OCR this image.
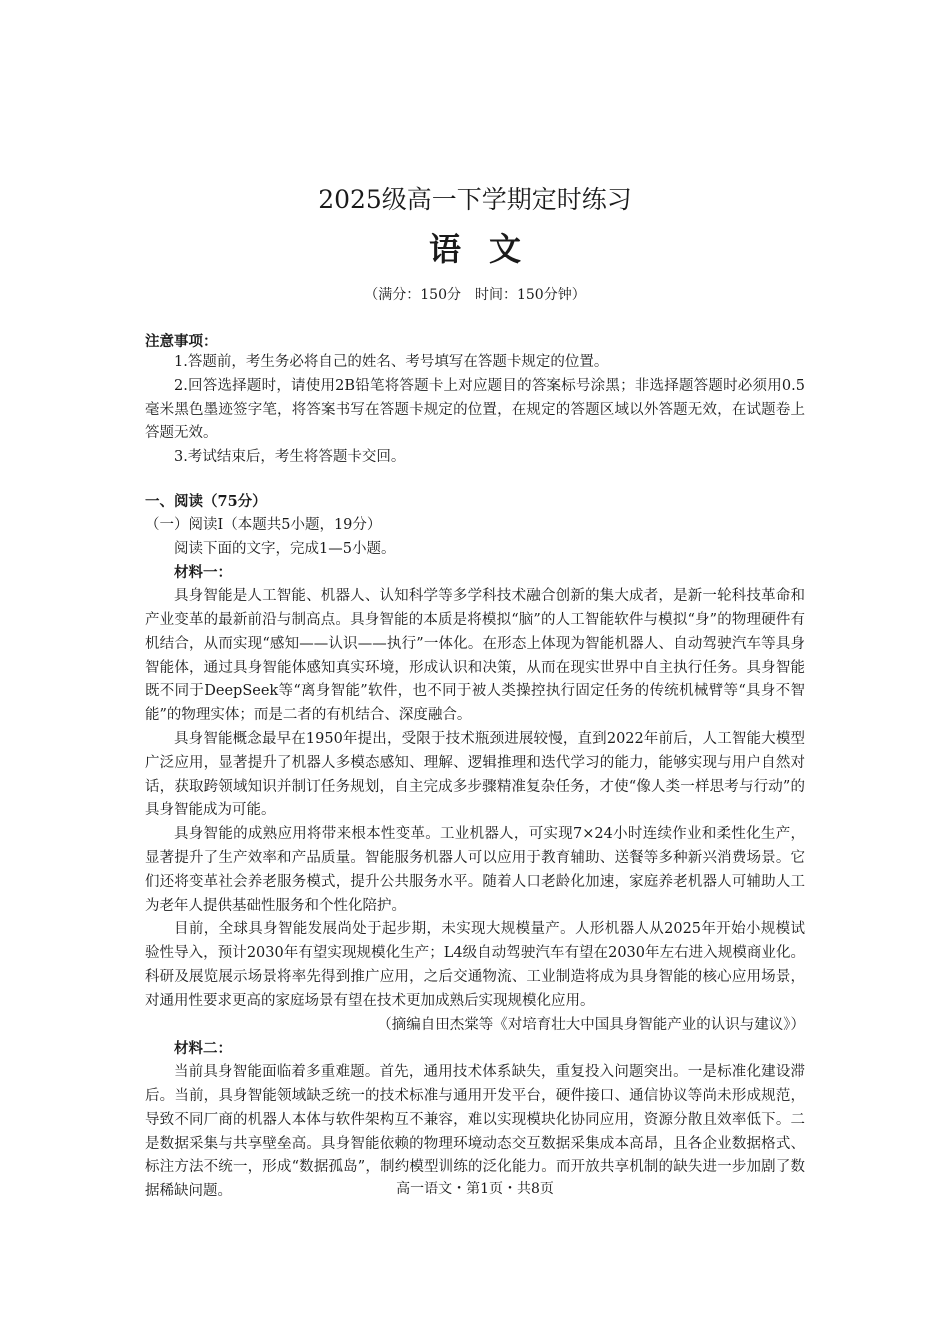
2025级高一下学期定时练习
语文
（满分：150分　时间：150分钟）
注意事项：

1.答题前，考生务必将自己的姓名、考号填写在答题卡规定的位置。

2.回答选择题时，请使用2B铅笔将答题卡上对应题目的答案标号涂黑；非选择题答题时必须用0.5毫米黑色墨迹签字笔，将答案书写在答题卡规定的位置，在规定的答题区域以外答题无效，在试题卷上答题无效。

3.考试结束后，考生将答题卡交回。

一、阅读（75分）

（一）阅读Ⅰ（本题共5小题，19分）

阅读下面的文字，完成1—5小题。

材料一：

具身智能是人工智能、机器人、认知科学等多学科技术融合创新的集大成者，是新一轮科技革命和产业变革的最新前沿与制高点。具身智能的本质是将模拟“脑”的人工智能软件与模拟“身”的物理硬件有机结合，从而实现“感知——认识——执行”一体化。在形态上体现为智能机器人、自动驾驶汽车等具身智能体，通过具身智能体感知真实环境，形成认识和决策，从而在现实世界中自主执行任务。具身智能既不同于DeepSeek等“离身智能”软件，也不同于被人类操控执行固定任务的传统机械臂等“具身不智能”的物理实体；而是二者的有机结合、深度融合。

具身智能概念最早在1950年提出，受限于技术瓶颈进展较慢，直到2022年前后，人工智能大模型广泛应用，显著提升了机器人多模态感知、理解、逻辑推理和迭代学习的能力，能够实现与用户自然对话，获取跨领域知识并制订任务规划，自主完成多步骤精准复杂任务，才使“像人类一样思考与行动”的具身智能成为可能。

具身智能的成熟应用将带来根本性变革。工业机器人，可实现7×24小时连续作业和柔性化生产，显著提升了生产效率和产品质量。智能服务机器人可以应用于教育辅助、送餐等多种新兴消费场景。它们还将变革社会养老服务模式，提升公共服务水平。随着人口老龄化加速，家庭养老机器人可辅助人工为老年人提供基础性服务和个性化陪护。

目前，全球具身智能发展尚处于起步期，未实现大规模量产。人形机器人从2025年开始小规模试验性导入，预计2030年有望实现规模化生产；L4级自动驾驶汽车有望在2030年左右进入规模商业化。科研及展览展示场景将率先得到推广应用，之后交通物流、工业制造将成为具身智能的核心应用场景，对通用性要求更高的家庭场景有望在技术更加成熟后实现规模化应用。

（摘编自田杰棠等《对培育壮大中国具身智能产业的认识与建议》）

材料二：

当前具身智能面临着多重难题。首先，通用技术体系缺失，重复投入问题突出。一是标准化建设滞后。当前，具身智能领域缺乏统一的技术标准与通用开发平台，硬件接口、通信协议等尚未形成规范，导致不同厂商的机器人本体与软件架构互不兼容，难以实现模块化协同应用，资源分散且效率低下。二是数据采集与共享壁垒高。具身智能依赖的物理环境动态交互数据采集成本高昂，且各企业数据格式、标注方法不统一，形成“数据孤岛”，制约模型训练的泛化能力。而开放共享机制的缺失进一步加剧了数据稀缺问题。	高一语文・第1页・共8页
